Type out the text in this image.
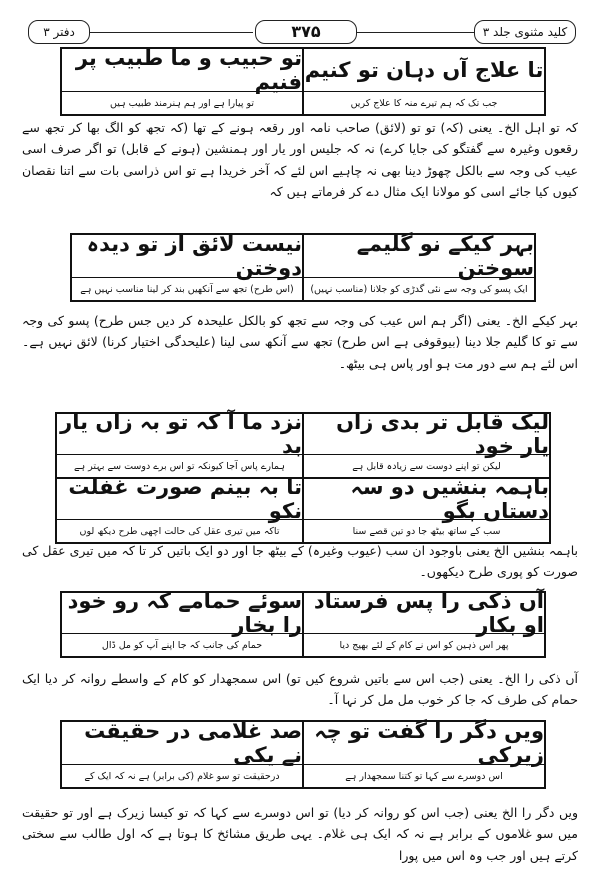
دفتر ۳	۳۷۵	کلید مثنوی جلد ۳
تا علاج آں دہان تو کنیم
تو حبیب و ما طبیب پر فنیم
جب تک کہ ہم تیرے منہ کا علاج کریں
تو پیارا ہے اور ہم ہنرمند طبیب ہیں
کہ تو اہل الخ۔ یعنی (کہ) تو تو (لائق) صاحب نامہ اور رقعہ ہونے کے تھا (کہ تجھ کو الگ بھا کر تجھ سے رقعوں وغیرہ سے گفتگو کی جایا کرے) نہ کہ جلیس اور یار اور ہمنشین (ہونے کے قابل) تو اگر صرف اسی عیب کی وجہ سے بالکل چھوڑ دینا بھی نہ چاہیے اس لئے کہ آخر خریدا ہے تو اس ذراسی بات سے اتنا نقصان کیوں کیا جائے اسی کو مولانا ایک مثال دے کر فرماتے ہیں کہ
بہر کیکے نو گلیمے سوختن
نیست لائق از تو دیدہ دوختن
ایک پسو کی وجہ سے نئی گدڑی کو جلانا (مناسب نہیں)
(اس طرح) تجھ سے آنکھیں بند کر لینا مناسب نہیں ہے
بہر کیکے الخ۔ یعنی (اگر ہم اس عیب کی وجہ سے تجھ کو بالکل علیحدہ کر دیں جس طرح) پسو کی وجہ سے تو کا گلیم جلا دینا (بیوقوفی ہے اس طرح) تجھ سے آنکھ سی لینا (علیحدگی اختیار کرنا) لائق نہیں ہے۔ اس لئے ہم سے دور مت ہو اور پاس ہی بیٹھ۔
لیک قابل تر بدی زاں یار خود
نزد ما آ کہ تو بہ زاں یار بد
لیکن تو اپنے دوست سے زیادہ قابل ہے
ہمارے پاس آجا کیونکہ تو اس برے دوست سے بہتر ہے
باہمہ بنشیں دو سہ دستاں بگو
تا بہ بینم صورت غفلت نکو
سب کے ساتھ بیٹھ جا دو تین قصے سنا
تاکہ میں تیری عقل کی حالت اچھی طرح دیکھ لوں
باہمہ بنشیں الخ یعنی باوجود ان سب (عیوب وغیرہ) کے بیٹھ جا اور دو ایک باتیں کر تا کہ میں تیری عقل کی صورت کو پوری طرح دیکھوں۔
آں ذکی را پس فرستاد او بکار
سوئے حمامے کہ رو خود را بخار
پھر اس ذہین کو اس نے کام کے لئے بھیج دیا
حمام کی جانب کہ جا اپنے آپ کو مل ڈال
آں ذکی را الخ۔ یعنی (جب اس سے باتیں شروع کیں تو) اس سمجھدار کو کام کے واسطے روانہ کر دیا ایک حمام کی طرف کہ جا کر خوب مل مل کر نہا آ۔
ویں دگر را گفت تو چہ زیرکی
صد غلامی در حقیقت نے یکی
اس دوسرے سے کہا تو کتنا سمجھدار ہے
درحقیقت تو سو غلام (کی برابر) ہے نہ کہ ایک کے
ویں دگر را الخ یعنی (جب اس کو روانہ کر دیا) تو اس دوسرے سے کہا کہ تو کیسا زیرک ہے اور تو حقیقت میں سو غلاموں کے برابر ہے نہ کہ ایک ہی غلام۔ یہی طریق مشائخ کا ہوتا ہے کہ اول طالب سے سختی کرتے ہیں اور جب وہ اس میں پورا
